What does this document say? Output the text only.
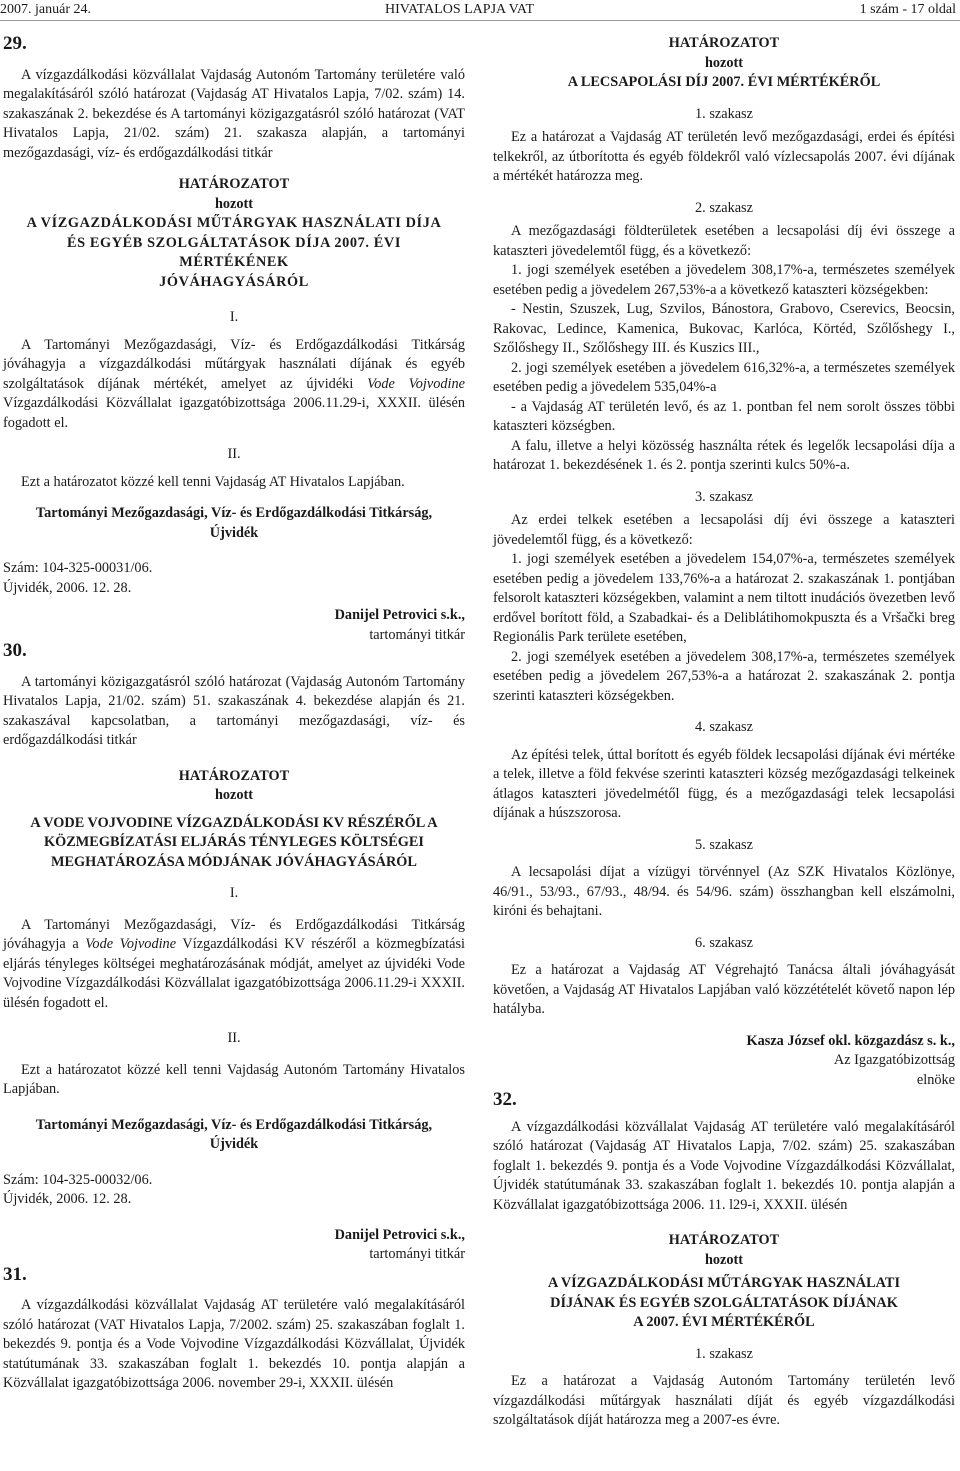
2007. január 24.	HIVATALOS LAPJA VAT	1 szám - 17 oldal

29.

A vízgazdálkodási közvállalat Vajdaság Autonóm Tartomány területére való megalakításáról szóló határozat (Vajdaság AT Hivatalos Lapja, 7/02. szám) 14. szakaszának 2. bekezdése és A tartományi közigazgatásról szóló határozat (VAT Hivatalos Lapja, 21/02. szám) 21. szakasza alapján, a tartományi mezőgazdasági, víz- és erdőgazdálkodási titkár

HATÁROZATOT

hozott

A VÍZGAZDÁLKODÁSI MŰTÁRGYAK HASZNÁLATI DÍJA

ÉS EGYÉB SZOLGÁLTATÁSOK DÍJA 2007. ÉVI

MÉRTÉKÉNEK

JÓVÁHAGYÁSÁRÓL

I.

A Tartományi Mezőgazdasági, Víz- és Erdőgazdálkodási Titkárság jóváhagyja a vízgazdálkodási műtárgyak használati díjának és egyéb szolgáltatások díjának mértékét, amelyet az újvidéki Vode Vojvodine Vízgazdálkodási Közvállalat igazgatóbizottsága 2006.11.29-i, XXXII. ülésén fogadott el.

II.

Ezt a határozatot közzé kell tenni Vajdaság AT Hivatalos Lapjában.

Tartományi Mezőgazdasági, Víz- és Erdőgazdálkodási Titkárság,

Újvidék

Szám: 104-325-00031/06.

Újvidék, 2006. 12. 28.

Danijel Petrovici s.k.,

tartományi titkár

30.

A tartományi közigazgatásról szóló határozat (Vajdaság Autonóm Tartomány Hivatalos Lapja, 21/02. szám) 51. szakaszának 4. bekezdése alapján és 21. szakaszával kapcsolatban, a tartományi mezőgazdasági, víz- és erdőgazdálkodási titkár

HATÁROZATOT

hozott

A VODE VOJVODINE VÍZGAZDÁLKODÁSI KV RÉSZÉRŐL A

KÖZMEGBÍZATÁSI ELJÁRÁS TÉNYLEGES KÖLTSÉGEI

MEGHATÁROZÁSA MÓDJÁNAK JÓVÁHAGYÁSÁRÓL

I.

A Tartományi Mezőgazdasági, Víz- és Erdőgazdálkodási Titkárság jóváhagyja a Vode Vojvodine Vízgazdálkodási KV részéről a közmegbízatási eljárás tényleges költségei meghatározásának módját, amelyet az újvidéki Vode Vojvodine Vízgazdálkodási Közvállalat igazgatóbizottsága 2006.11.29-i XXXII. ülésén fogadott el.

II.

Ezt a határozatot közzé kell tenni Vajdaság Autonóm Tartomány Hivatalos Lapjában.

Tartományi Mezőgazdasági, Víz- és Erdőgazdálkodási Titkárság,

Újvidék

Szám: 104-325-00032/06.

Újvidék, 2006. 12. 28.

Danijel Petrovici s.k.,

tartományi titkár

31.

A vízgazdálkodási közvállalat Vajdaság AT területére való megalakításáról szóló határozat (VAT Hivatalos Lapja, 7/2002. szám) 25. szakaszában foglalt 1. bekezdés 9. pontja és a Vode Vojvodine Vízgazdálkodási Közvállalat, Újvidék statútumának 33. szakaszában foglalt 1. bekezdés 10. pontja alapján a Közvállalat igazgatóbizottsága 2006. november 29-i, XXXII. ülésén

HATÁROZATOT

hozott

A LECSAPOLÁSI DÍJ 2007. ÉVI MÉRTÉKÉRŐL

1. szakasz

Ez a határozat a Vajdaság AT területén levő mezőgazdasági, erdei és építési telkekről, az útborította és egyéb földekről való vízlecsapolás 2007. évi díjának a mértékét határozza meg.

2. szakasz

A mezőgazdasági földterületek esetében a lecsapolási díj évi összege a kataszteri jövedelemtől függ, és a következő:

1. jogi személyek esetében a jövedelem 308,17%-a, természetes személyek esetében pedig a jövedelem 267,53%-a a következő kataszteri községekben:

- Nestin, Szuszek, Lug, Szvilos, Bánostora, Grabovo, Cserevics, Beocsin, Rakovac, Ledince, Kamenica, Bukovac, Karlóca, Körtéd, Szőlőshegy I., Szőlőshegy II., Szőlőshegy III. és Kuszics III.,

2. jogi személyek esetében a jövedelem 616,32%-a, a természetes személyek esetében pedig a jövedelem 535,04%-a

- a Vajdaság AT területén levő, és az 1. pontban fel nem sorolt összes többi kataszteri községben.

A falu, illetve a helyi közösség használta rétek és legelők lecsapolási díja a határozat 1. bekezdésének 1. és 2. pontja szerinti kulcs 50%-a.

3. szakasz

Az erdei telkek esetében a lecsapolási díj évi összege a kataszteri jövedelemtől függ, és a következő:

1. jogi személyek esetében a jövedelem 154,07%-a, természetes személyek esetében pedig a jövedelem 133,76%-a a határozat 2. szakaszának 1. pontjában felsorolt kataszteri községekben, valamint a nem tiltott inudációs övezetben levő erdővel borított föld, a Szabadkai- és a Deliblátihomokpuszta és a Vršački breg Regionális Park területe esetében,

2. jogi személyek esetében a jövedelem 308,17%-a, természetes személyek esetében pedig a jövedelem 267,53%-a a határozat 2. szakaszának 2. pontja szerinti kataszteri községekben.

4. szakasz

Az építési telek, úttal borított és egyéb földek lecsapolási díjának évi mértéke a telek, illetve a föld fekvése szerinti kataszteri község mezőgazdasági telkeinek átlagos kataszteri jövedelmétől függ, és a mezőgazdasági telek lecsapolási díjának a húszszorosa.

5. szakasz

A lecsapolási díjat a vízügyi törvénnyel (Az SZK Hivatalos Közlönye, 46/91., 53/93., 67/93., 48/94. és 54/96. szám) összhangban kell elszámolni, kiróni és behajtani.

6. szakasz

Ez a határozat a Vajdaság AT Végrehajtó Tanácsa általi jóváhagyását követően, a Vajdaság AT Hivatalos Lapjában való közzétételét követő napon lép hatályba.

Kasza József okl. közgazdász s. k.,

Az Igazgatóbizottság

elnöke

32.

A vízgazdálkodási közvállalat Vajdaság AT területére való megalakításáról szóló határozat (Vajdaság AT Hivatalos Lapja, 7/02. szám) 25. szakaszában foglalt 1. bekezdés 9. pontja és a Vode Vojvodine Vízgazdálkodási Közvállalat, Újvidék statútumának 33. szakaszában foglalt 1. bekezdés 10. pontja alapján a Közvállalat igazgatóbizottsága 2006. 11. l29-i, XXXII. ülésén

HATÁROZATOT

hozott

A VÍZGAZDÁLKODÁSI MŰTÁRGYAK HASZNÁLATI

DÍJÁNAK ÉS EGYÉB SZOLGÁLTATÁSOK DÍJÁNAK

A 2007. ÉVI MÉRTÉKÉRŐL

1. szakasz

Ez a határozat a Vajdaság Autonóm Tartomány területén levő vízgazdálkodási műtárgyak használati díját és egyéb vízgazdálkodási szolgáltatások díját határozza meg a 2007-es évre.
